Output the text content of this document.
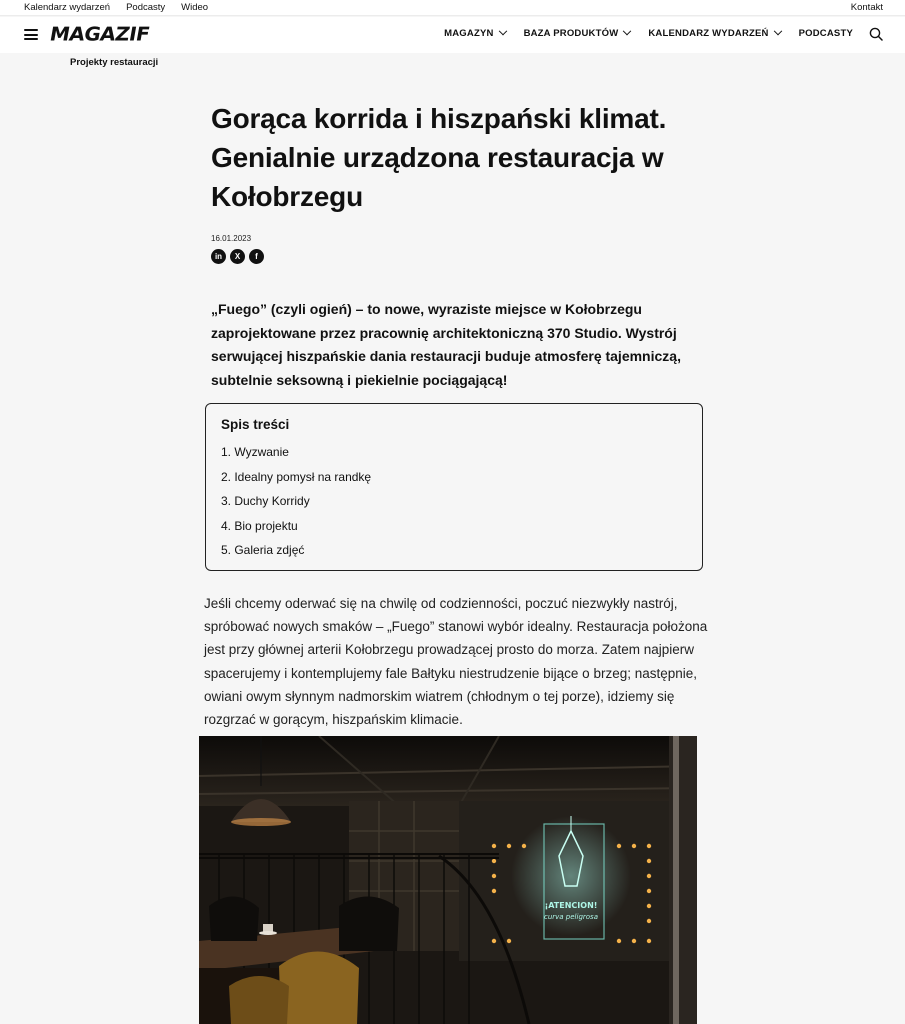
Kalendarz wydarzeń Podcasty Wideo	Kontakt
MAGAZIF	MAGAZYN	BAZA PRODUKTÓW	KALENDARZ WYDARZEŃ	PODCASTY
Projekty restauracji
Gorąca korrida i hiszpański klimat. Genialnie urządzona restauracja w Kołobrzegu
16.01.2023
in	X	f

„Fuego” (czyli ogień) – to nowe, wyraziste miejsce w Kołobrzegu zaprojektowane przez pracownię architektoniczną 370 Studio. Wystrój serwującej hiszpańskie dania restauracji buduje atmosferę tajemniczą, subtelnie seksowną i piekielnie pociągającą!

Spis treści
1. Wyzwanie
2. Idealny pomysł na randkę
3. Duchy Korridy
4. Bio projektu
5. Galeria zdjęć

Jeśli chcemy oderwać się na chwilę od codzienności, poczuć niezwykły nastrój, spróbować nowych smaków – „Fuego” stanowi wybór idealny. Restauracja położona jest przy głównej arterii Kołobrzegu prowadzącej prosto do morza. Zatem najpierw spacerujemy i kontemplujemy fale Bałtyku niestrudzenie bijące o brzeg; następnie, owiani owym słynnym nadmorskim wiatrem (chłodnym o tej porze), idziemy się rozgrzać w gorącym, hiszpańskim klimacie.

¡ATENCION!
curva peligrosa
